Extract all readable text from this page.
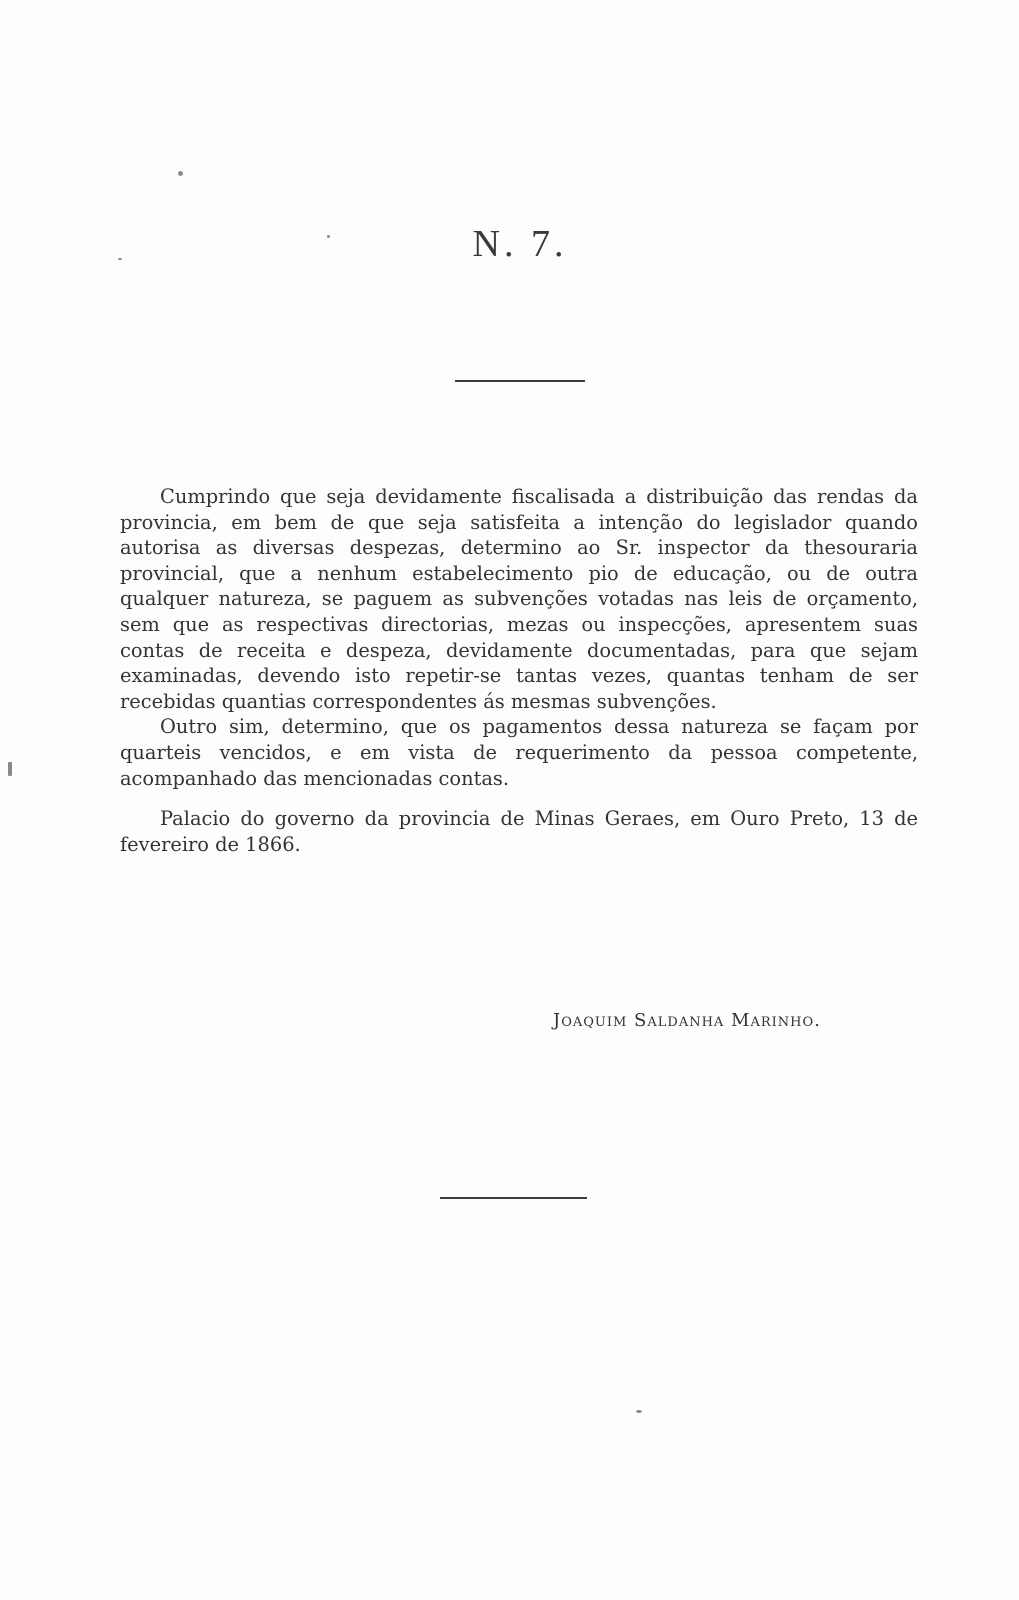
N. 7.

Cumprindo que seja devidamente fiscalisada a distribuição das rendas da provincia, em bem de que seja satisfeita a intenção do legislador quando autorisa as diversas despezas, determino ao Sr. inspector da thesouraria provincial, que a nenhum estabelecimento pio de educação, ou de outra qualquer natureza, se paguem as subvenções votadas nas leis de orçamento, sem que as respectivas directorias, mezas ou inspecções, apresentem suas contas de receita e despeza, devidamente documentadas, para que sejam examinadas, devendo isto repetir-se tantas vezes, quantas tenham de ser recebidas quantias correspondentes ás mesmas subvenções.

Outro sim, determino, que os pagamentos dessa natureza se façam por quarteis vencidos, e em vista de requerimento da pessoa competente, acompanhado das mencionadas contas.

Palacio do governo da provincia de Minas Geraes, em Ouro Preto, 13 de fevereiro de 1866.

Joaquim Saldanha Marinho.
